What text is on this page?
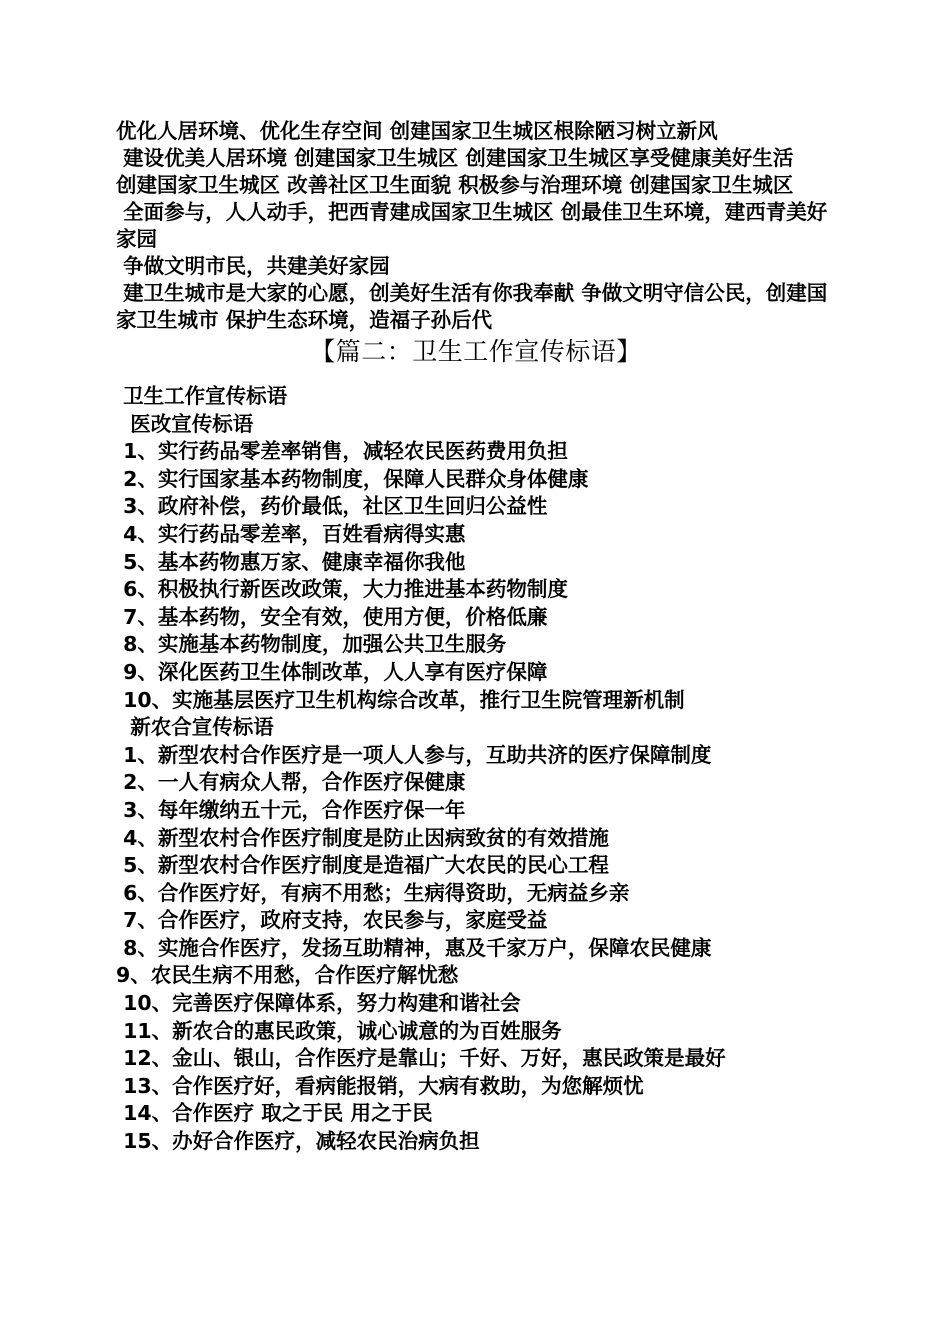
优化人居环境、优化生存空间 创建国家卫生城区根除陋习树立新风

建设优美人居环境 创建国家卫生城区 创建国家卫生城区享受健康美好生活

创建国家卫生城区 改善社区卫生面貌 积极参与治理环境 创建国家卫生城区

全面参与，人人动手，把西青建成国家卫生城区 创最佳卫生环境，建西青美好家园

争做文明市民，共建美好家园

建卫生城市是大家的心愿，创美好生活有你我奉献 争做文明守信公民，创建国家卫生城市 保护生态环境，造福子孙后代

【篇二：卫生工作宣传标语】

卫生工作宣传标语

医改宣传标语

1、实行药品零差率销售，减轻农民医药费用负担

2、实行国家基本药物制度，保障人民群众身体健康

3、政府补偿，药价最低，社区卫生回归公益性

4、实行药品零差率，百姓看病得实惠

5、基本药物惠万家、健康幸福你我他

6、积极执行新医改政策，大力推进基本药物制度

7、基本药物，安全有效，使用方便，价格低廉

8、实施基本药物制度，加强公共卫生服务

9、深化医药卫生体制改革，人人享有医疗保障

10、实施基层医疗卫生机构综合改革，推行卫生院管理新机制

新农合宣传标语

1、新型农村合作医疗是一项人人参与，互助共济的医疗保障制度

2、一人有病众人帮，合作医疗保健康

3、每年缴纳五十元，合作医疗保一年

4、新型农村合作医疗制度是防止因病致贫的有效措施

5、新型农村合作医疗制度是造福广大农民的民心工程

6、合作医疗好，有病不用愁；生病得资助，无病益乡亲

7、合作医疗，政府支持，农民参与，家庭受益

8、实施合作医疗，发扬互助精神，惠及千家万户，保障农民健康

9、农民生病不用愁，合作医疗解忧愁

10、完善医疗保障体系，努力构建和谐社会

11、新农合的惠民政策，诚心诚意的为百姓服务

12、金山、银山，合作医疗是靠山；千好、万好，惠民政策是最好

13、合作医疗好，看病能报销，大病有救助，为您解烦忧

14、合作医疗 取之于民 用之于民

15、办好合作医疗，减轻农民治病负担
